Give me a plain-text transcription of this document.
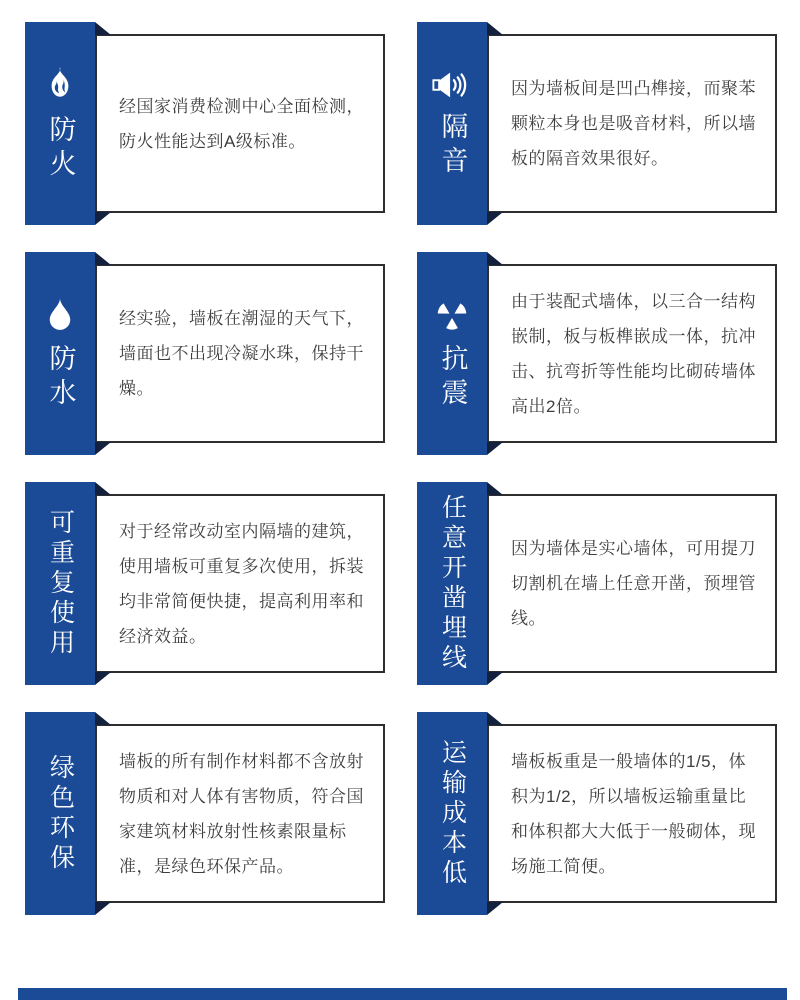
经国家消费检测中心全面检测，防火性能达到A级标准。

防火

因为墙板间是凹凸榫接，而聚苯颗粒本身也是吸音材料，所以墙板的隔音效果很好。

隔音

经实验，墙板在潮湿的天气下，墙面也不出现冷凝水珠，保持干燥。

防水

由于装配式墙体，以三合一结构嵌制，板与板榫嵌成一体，抗冲击、抗弯折等性能均比砌砖墙体高出2倍。

抗震

对于经常改动室内隔墙的建筑，使用墙板可重复多次使用，拆装均非常简便快捷，提高利用率和经济效益。

可重复使用	因为墙体是实心墙体，可用提刀切割机在墙上任意开凿，预埋管线。

任意开凿埋线

墙板的所有制作材料都不含放射物质和对人体有害物质，符合国家建筑材料放射性核素限量标准，是绿色环保产品。

绿色环保	墙板板重是一般墙体的1/5，体积为1/2，所以墙板运输重量比和体积都大大低于一般砌体，现场施工简便。

运输成本低
